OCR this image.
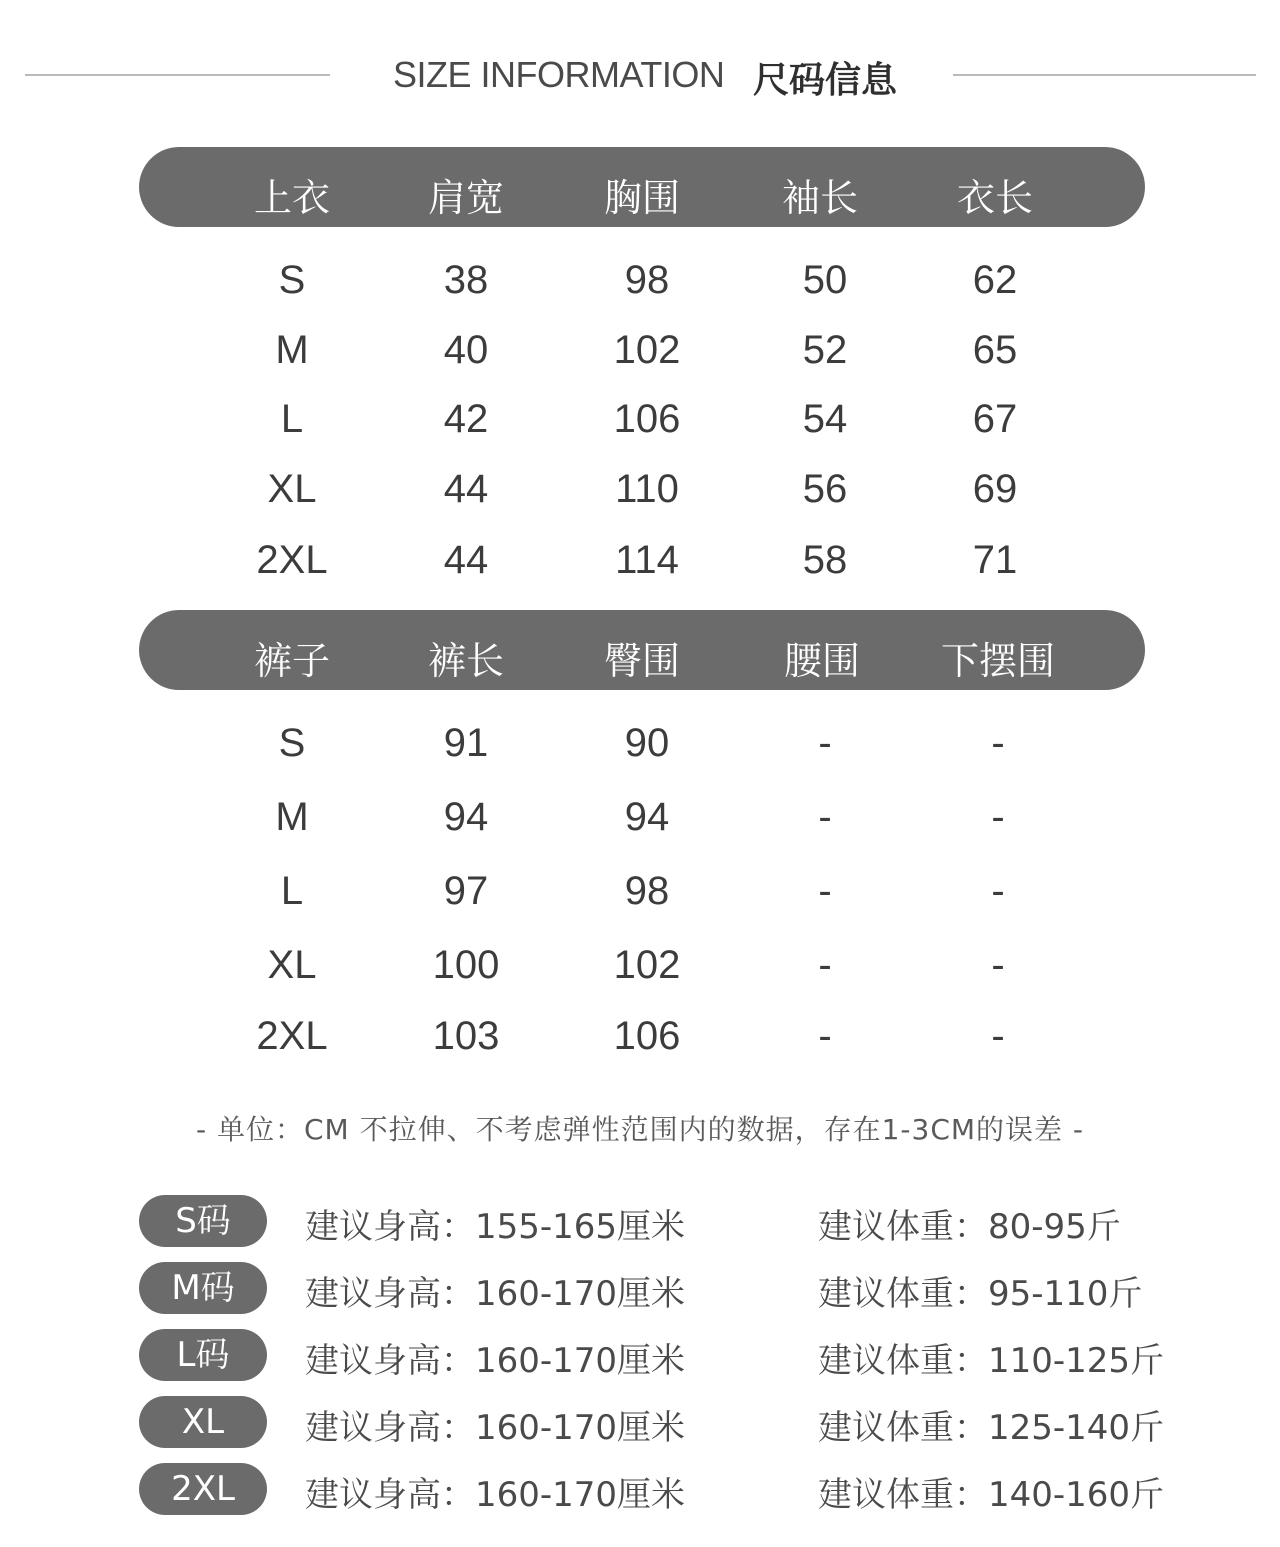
SIZE INFORMATION 尺码信息
上衣	肩宽	胸围	袖长	衣长
S	38	98	50	62
M	40	102	52	65
L	42	106	54	67
XL	44	110	56	69
2XL	44	114	58	71
裤子	裤长	臀围	腰围 下摆围
S	91	90	-	-
M	94	94	-	-
L	97	98	-	-
XL	100	102	-	-
2XL	103	106	-	-
- 单位：CM 不拉伸、不考虑弹性范围内的数据，存在1-3CM的误差 -
S码	建议身高：155-165厘米	建议体重：80-95斤
M码	建议身高：160-170厘米	建议体重：95-110斤
L码	建议身高：160-170厘米	建议体重：110-125斤
XL	建议身高：160-170厘米	建议体重：125-140斤
2XL	建议身高：160-170厘米	建议体重：140-160斤
